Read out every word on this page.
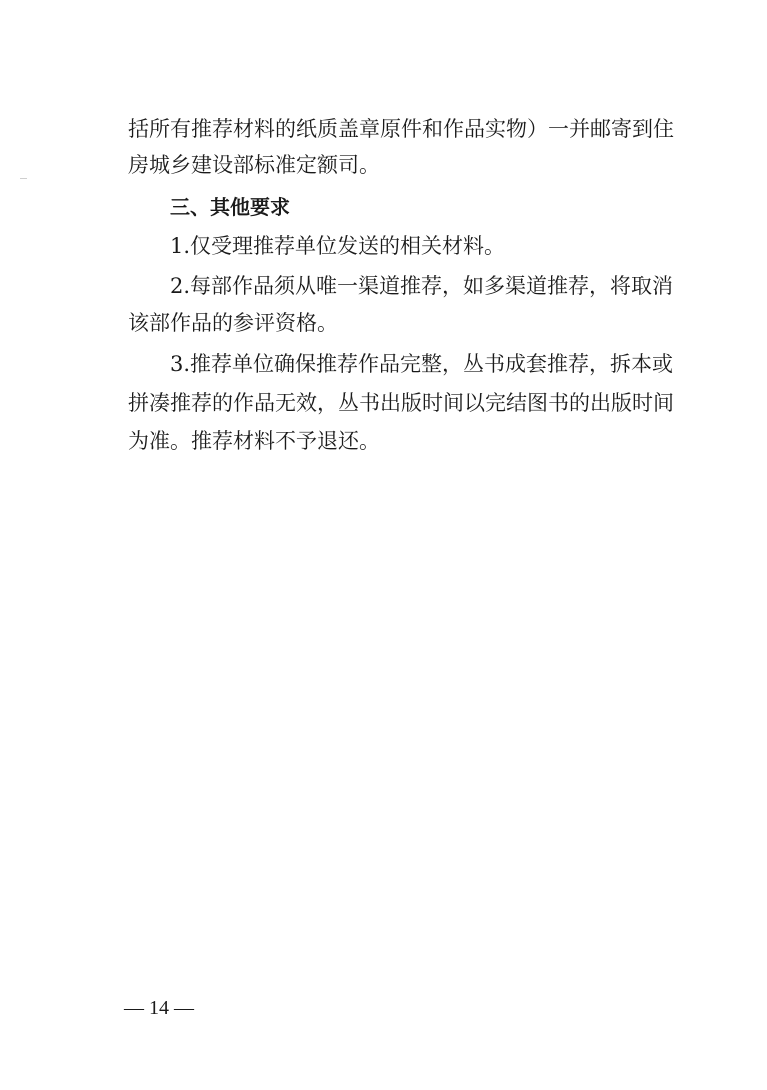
括所有推荐材料的纸质盖章原件和作品实物）一并邮寄到住
房城乡建设部标准定额司。
三、其他要求
1.仅受理推荐单位发送的相关材料。
2.每部作品须从唯一渠道推荐，如多渠道推荐，将取消
该部作品的参评资格。
3.推荐单位确保推荐作品完整，丛书成套推荐，拆本或
拼凑推荐的作品无效，丛书出版时间以完结图书的出版时间
为准。推荐材料不予退还。
— 14 —
